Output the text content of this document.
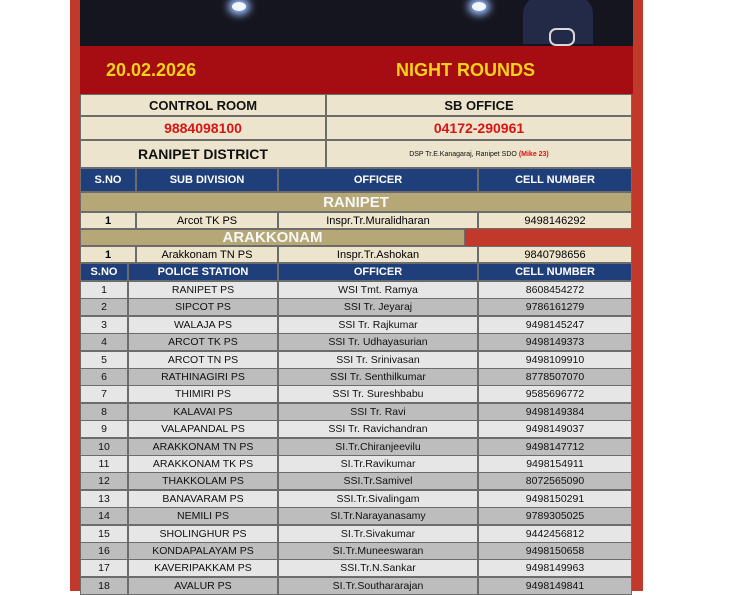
20.02.2026	NIGHT ROUNDS
CONTROL ROOM	SB OFFICE
9884098100	04172-290961
RANIPET DISTRICT	DSP Tr.E.Kanagaraj, Ranipet SDO
(Mike 23)
S.NO	SUB DIVISION	OFFICER	CELL NUMBER
RANIPET
1	Arcot TK PS	Inspr.Tr.Muralidharan	9498146292
ARAKKONAM
1	Arakkonam TN PS	Inspr.Tr.Ashokan	9840798656
S.NO	POLICE STATION	OFFICER	CELL NUMBER
1	RANIPET PS	WSI Tmt. Ramya	8608454272
2	SIPCOT PS	SSI Tr. Jeyaraj	9786161279
3	WALAJA PS	SSI Tr. Rajkumar	9498145247
4	ARCOT TK PS	SSI Tr. Udhayasurian	9498149373
5	ARCOT TN PS	SSI Tr. Srinivasan	9498109910
6	RATHINAGIRI PS	SSI Tr. Senthilkumar	8778507070
7	THIMIRI PS	SSI Tr. Sureshbabu	9585696772
8	KALAVAI PS	SSI Tr. Ravi	9498149384
9	VALAPANDAL PS	SSI Tr. Ravichandran	9498149037
10	ARAKKONAM TN PS	SI.Tr.Chiranjeevilu	9498147712
11	ARAKKONAM TK PS	SI.Tr.Ravikumar	9498154911
12	THAKKOLAM PS	SSI.Tr.Samivel	8072565090
13	BANAVARAM PS	SSI.Tr.Sivalingam	9498150291
14	NEMILI PS	SI.Tr.Narayanasamy	9789305025
15	SHOLINGHUR PS	SI.Tr.Sivakumar	9442456812
16	KONDAPALAYAM PS	SI.Tr.Muneeswaran	9498150658
17	KAVERIPAKKAM PS	SSI.Tr.N.Sankar	9498149963
18	AVALUR PS	SI.Tr.Southararajan	9498149841
